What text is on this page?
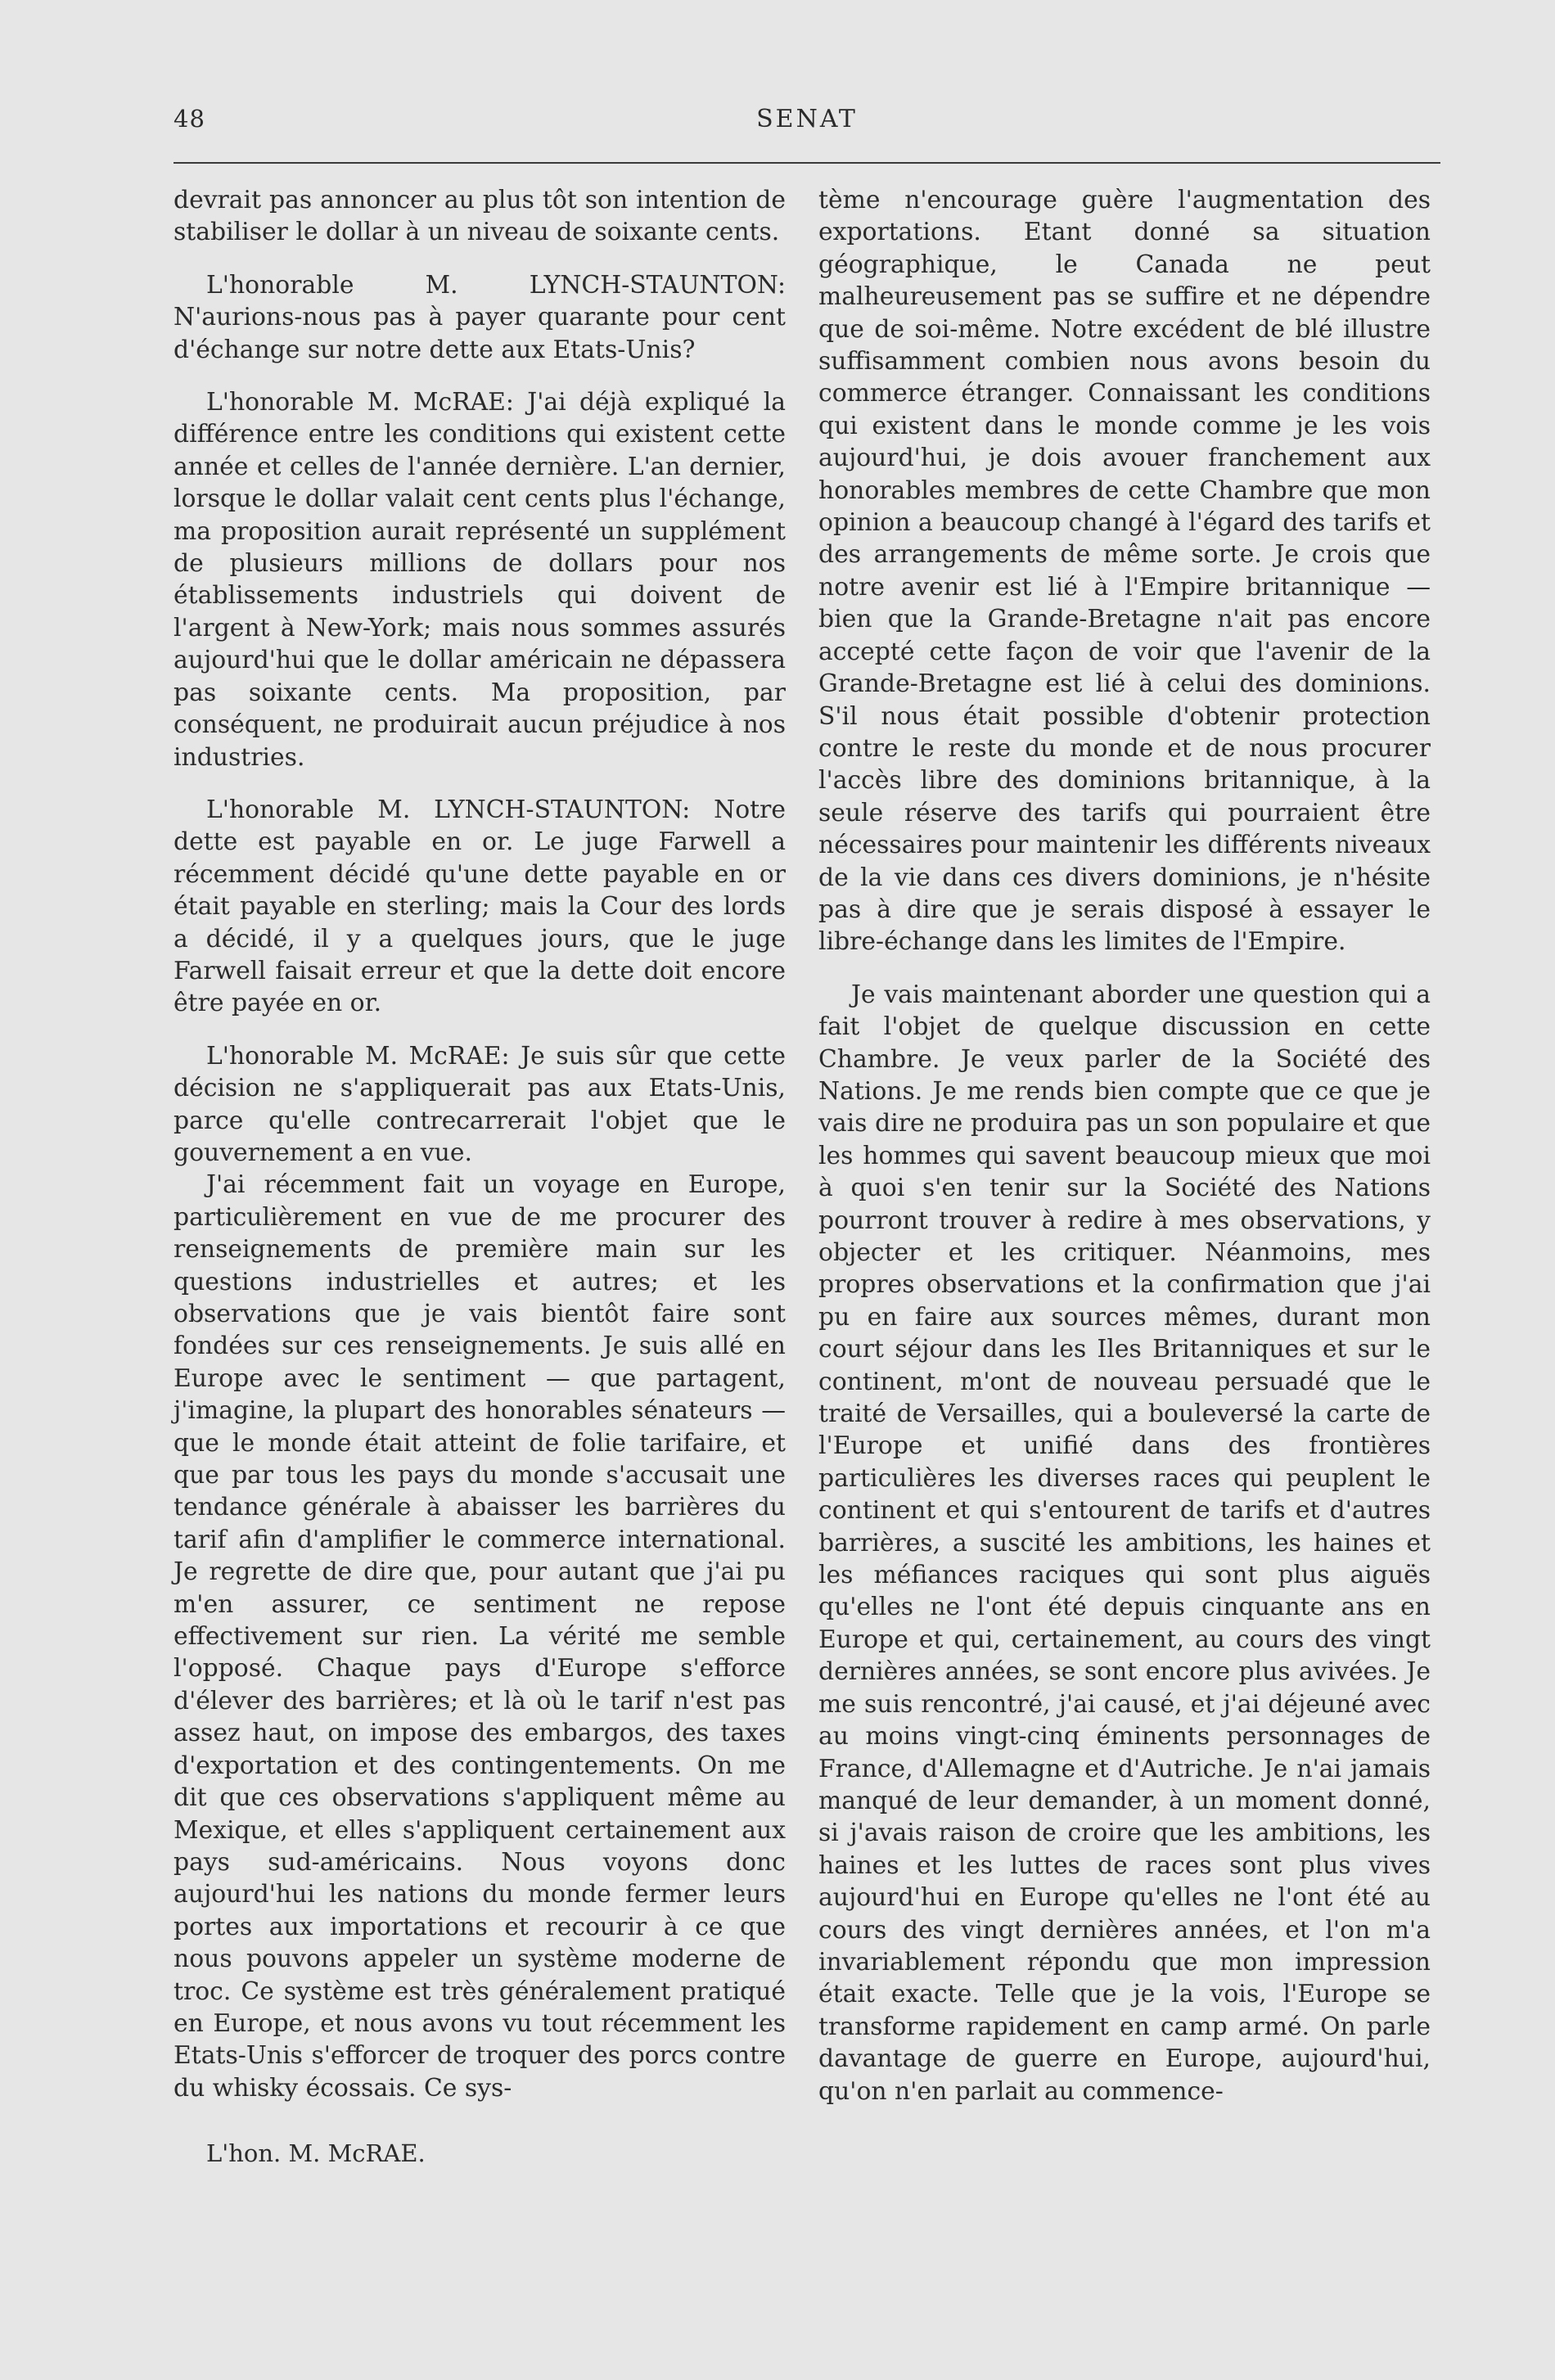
48	SENAT

devrait pas annoncer au plus tôt son intention de stabiliser le dollar à un niveau de soixante cents.

L'honorable M. LYNCH-STAUNTON: N'aurions-nous pas à payer quarante pour cent d'échange sur notre dette aux Etats-Unis?

L'honorable M. McRAE: J'ai déjà expliqué la différence entre les conditions qui existent cette année et celles de l'année dernière. L'an dernier, lorsque le dollar valait cent cents plus l'échange, ma proposition aurait représenté un supplément de plusieurs millions de dollars pour nos établissements industriels qui doivent de l'argent à New-York; mais nous sommes assurés aujourd'hui que le dollar américain ne dépassera pas soixante cents. Ma proposition, par conséquent, ne produirait aucun préjudice à nos industries.

L'honorable M. LYNCH-STAUNTON: Notre dette est payable en or. Le juge Farwell a récemment décidé qu'une dette payable en or était payable en sterling; mais la Cour des lords a décidé, il y a quelques jours, que le juge Farwell faisait erreur et que la dette doit encore être payée en or.

L'honorable M. McRAE: Je suis sûr que cette décision ne s'appliquerait pas aux Etats-Unis, parce qu'elle contrecarrerait l'objet que le gouvernement a en vue.

J'ai récemment fait un voyage en Europe, particulièrement en vue de me procurer des renseignements de première main sur les questions industrielles et autres; et les observations que je vais bientôt faire sont fondées sur ces renseignements. Je suis allé en Europe avec le sentiment — que partagent, j'imagine, la plupart des honorables sénateurs — que le monde était atteint de folie tarifaire, et que par tous les pays du monde s'accusait une tendance générale à abaisser les barrières du tarif afin d'amplifier le commerce international. Je regrette de dire que, pour autant que j'ai pu m'en assurer, ce sentiment ne repose effectivement sur rien. La vérité me semble l'opposé. Chaque pays d'Europe s'efforce d'élever des barrières; et là où le tarif n'est pas assez haut, on impose des embargos, des taxes d'exportation et des contingentements. On me dit que ces observations s'appliquent même au Mexique, et elles s'appliquent certainement aux pays sud-américains. Nous voyons donc aujourd'hui les nations du monde fermer leurs portes aux importations et recourir à ce que nous pouvons appeler un système moderne de troc. Ce système est très généralement pratiqué en Europe, et nous avons vu tout récemment les Etats-Unis s'efforcer de troquer des porcs contre du whisky écossais. Ce sys-

tème n'encourage guère l'augmentation des exportations. Etant donné sa situation géographique, le Canada ne peut malheureusement pas se suffire et ne dépendre que de soi-même. Notre excédent de blé illustre suffisamment combien nous avons besoin du commerce étranger. Connaissant les conditions qui existent dans le monde comme je les vois aujourd'hui, je dois avouer franchement aux honorables membres de cette Chambre que mon opinion a beaucoup changé à l'égard des tarifs et des arrangements de même sorte. Je crois que notre avenir est lié à l'Empire britannique — bien que la Grande-Bretagne n'ait pas encore accepté cette façon de voir que l'avenir de la Grande-Bretagne est lié à celui des dominions. S'il nous était possible d'obtenir protection contre le reste du monde et de nous procurer l'accès libre des dominions britannique, à la seule réserve des tarifs qui pourraient être nécessaires pour maintenir les différents niveaux de la vie dans ces divers dominions, je n'hésite pas à dire que je serais disposé à essayer le libre-échange dans les limites de l'Empire.

Je vais maintenant aborder une question qui a fait l'objet de quelque discussion en cette Chambre. Je veux parler de la Société des Nations. Je me rends bien compte que ce que je vais dire ne produira pas un son populaire et que les hommes qui savent beaucoup mieux que moi à quoi s'en tenir sur la Société des Nations pourront trouver à redire à mes observations, y objecter et les critiquer. Néanmoins, mes propres observations et la confirmation que j'ai pu en faire aux sources mêmes, durant mon court séjour dans les Iles Britanniques et sur le continent, m'ont de nouveau persuadé que le traité de Versailles, qui a bouleversé la carte de l'Europe et unifié dans des frontières particulières les diverses races qui peuplent le continent et qui s'entourent de tarifs et d'autres barrières, a suscité les ambitions, les haines et les méfiances raciques qui sont plus aiguës qu'elles ne l'ont été depuis cinquante ans en Europe et qui, certainement, au cours des vingt dernières années, se sont encore plus avivées. Je me suis rencontré, j'ai causé, et j'ai déjeuné avec au moins vingt-cinq éminents personnages de France, d'Allemagne et d'Autriche. Je n'ai jamais manqué de leur demander, à un moment donné, si j'avais raison de croire que les ambitions, les haines et les luttes de races sont plus vives aujourd'hui en Europe qu'elles ne l'ont été au cours des vingt dernières années, et l'on m'a invariablement répondu que mon impression était exacte. Telle que je la vois, l'Europe se transforme rapidement en camp armé. On parle davantage de guerre en Europe, aujourd'hui, qu'on n'en parlait au commence-

L'hon. M. McRAE.
